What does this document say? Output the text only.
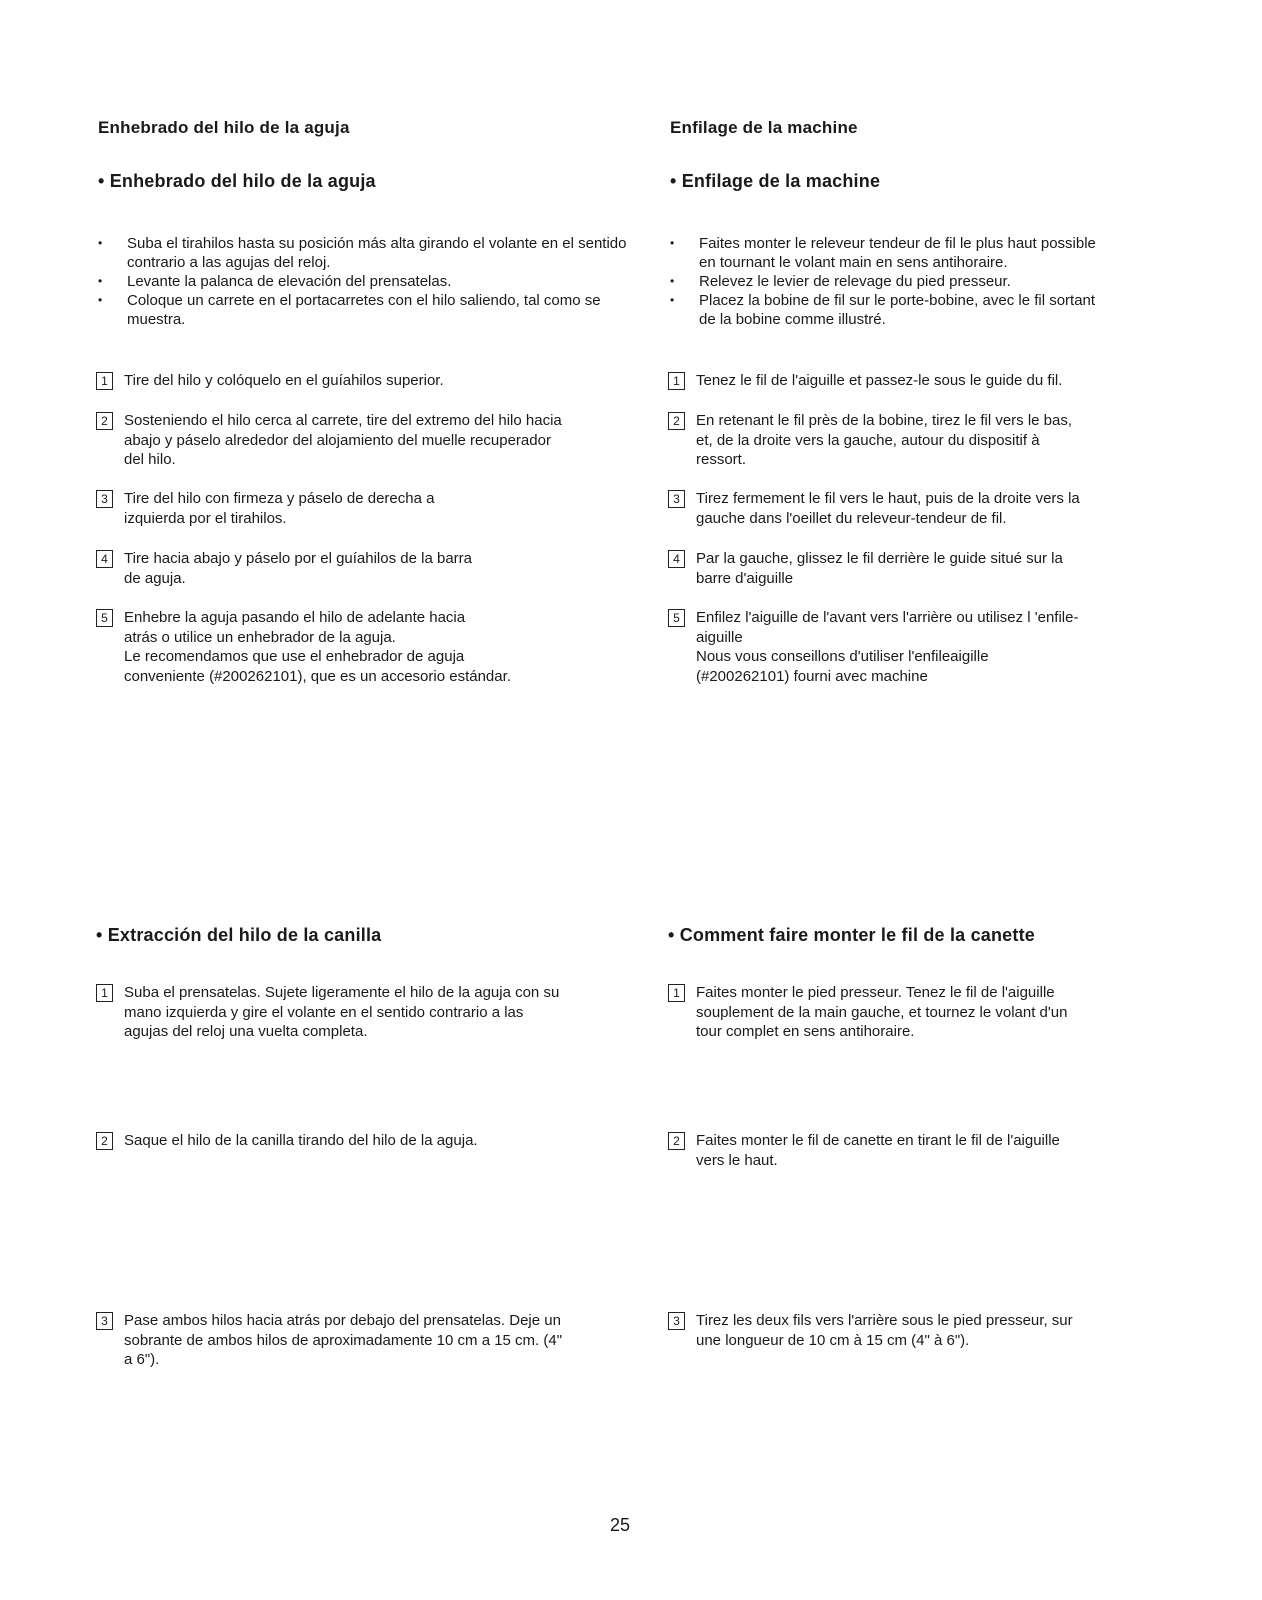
Enhebrado del hilo de la aguja
• Enhebrado del hilo de la aguja
• Suba el tirahilos hasta su posición más alta girando el volante en el sentido contrario a las agujas del reloj.
• Levante la palanca de elevación del prensatelas.
• Coloque un carrete en el portacarretes con el hilo saliendo, tal como se muestra.
1	Tire del hilo y colóquelo en el guíahilos superior.
2	Sosteniendo el hilo cerca al carrete, tire del extremo del hilo hacia
abajo y páselo alrededor del alojamiento del muelle recuperador
del hilo.
3	Tire del hilo con firmeza y páselo de derecha a
izquierda por el tirahilos.
4	Tire hacia abajo y páselo por el guíahilos de la barra
de aguja.
5	Enhebre la aguja pasando el hilo de adelante hacia
atrás o utilice un enhebrador de la aguja.
Le recomendamos que use el enhebrador de aguja
conveniente (#200262101), que es un accesorio estándar.
• Extracción del hilo de la canilla
1	Suba el prensatelas. Sujete ligeramente el hilo de la aguja con su
mano izquierda y gire el volante en el sentido contrario a las
agujas del reloj una vuelta completa.
2	Saque el hilo de la canilla tirando del hilo de la aguja.
3	Pase ambos hilos hacia atrás por debajo del prensatelas. Deje un
sobrante de ambos hilos de aproximadamente 10 cm a 15 cm. (4"
a 6").
Enfilage de la machine
• Enfilage de la machine
• Faites monter le releveur tendeur de fil le plus haut possible en tournant le volant main en sens antihoraire.
• Relevez le levier de relevage du pied presseur.
• Placez la bobine de fil sur le porte-bobine, avec le fil sortant de la bobine comme illustré.
1	Tenez le fil de l'aiguille et passez-le sous le guide du fil.
2	En retenant le fil près de la bobine, tirez le fil vers le bas,
et, de la droite vers la gauche, autour du dispositif à
ressort.
3	Tirez fermement le fil vers le haut, puis de la droite vers la
gauche dans l'oeillet du releveur-tendeur de fil.
4	Par la gauche, glissez le fil derrière le guide situé sur la
barre d'aiguille
5	Enfilez l'aiguille de l'avant vers l'arrière ou utilisez l 'enfile-
aiguille
Nous vous conseillons d'utiliser l'enfileaigille
(#200262101) fourni avec machine
• Comment faire monter le fil de la canette
1	Faites monter le pied presseur. Tenez le fil de l'aiguille
souplement de la main gauche, et tournez le volant d'un
tour complet en sens antihoraire.
2	Faites monter le fil de canette en tirant le fil de l'aiguille
vers le haut.
3	Tirez les deux fils vers l'arrière sous le pied presseur, sur
une longueur de 10 cm à 15 cm (4" à 6").
25
